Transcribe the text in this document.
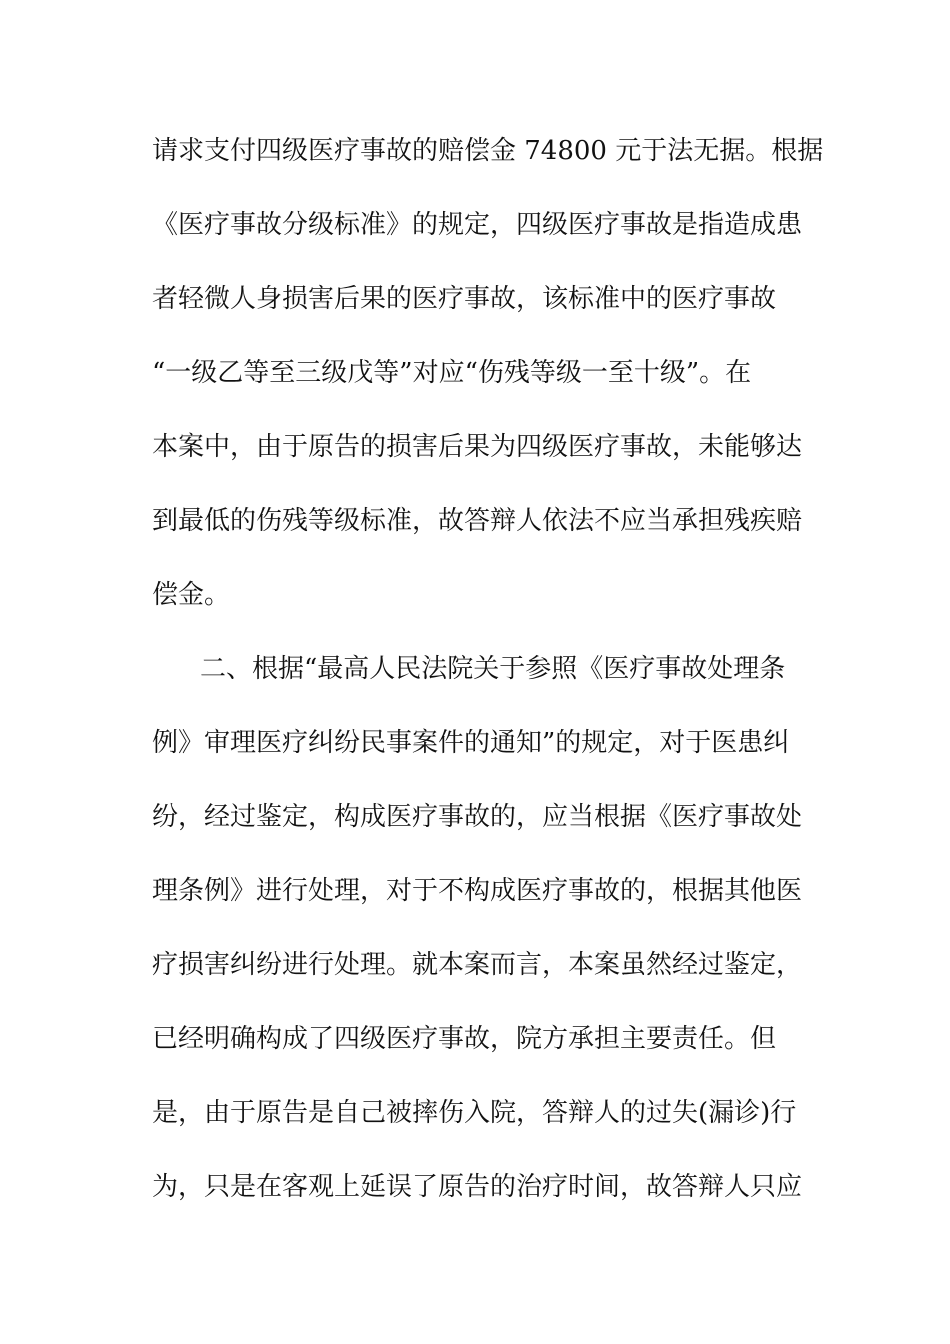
请求支付四级医疗事故的赔偿金 74800 元于法无据。根据
《医疗事故分级标准》的规定，四级医疗事故是指造成患
者轻微人身损害后果的医疗事故，该标准中的医疗事故
“一级乙等至三级戊等”对应“伤残等级一至十级”。在
本案中，由于原告的损害后果为四级医疗事故，未能够达
到最低的伤残等级标准，故答辩人依法不应当承担残疾赔
偿金。
二、根据“最高人民法院关于参照《医疗事故处理条
例》审理医疗纠纷民事案件的通知”的规定，对于医患纠
纷，经过鉴定，构成医疗事故的，应当根据《医疗事故处
理条例》进行处理，对于不构成医疗事故的，根据其他医
疗损害纠纷进行处理。就本案而言，本案虽然经过鉴定，
已经明确构成了四级医疗事故，院方承担主要责任。但
是，由于原告是自己被摔伤入院，答辩人的过失(漏诊)行
为，只是在客观上延误了原告的治疗时间，故答辩人只应
